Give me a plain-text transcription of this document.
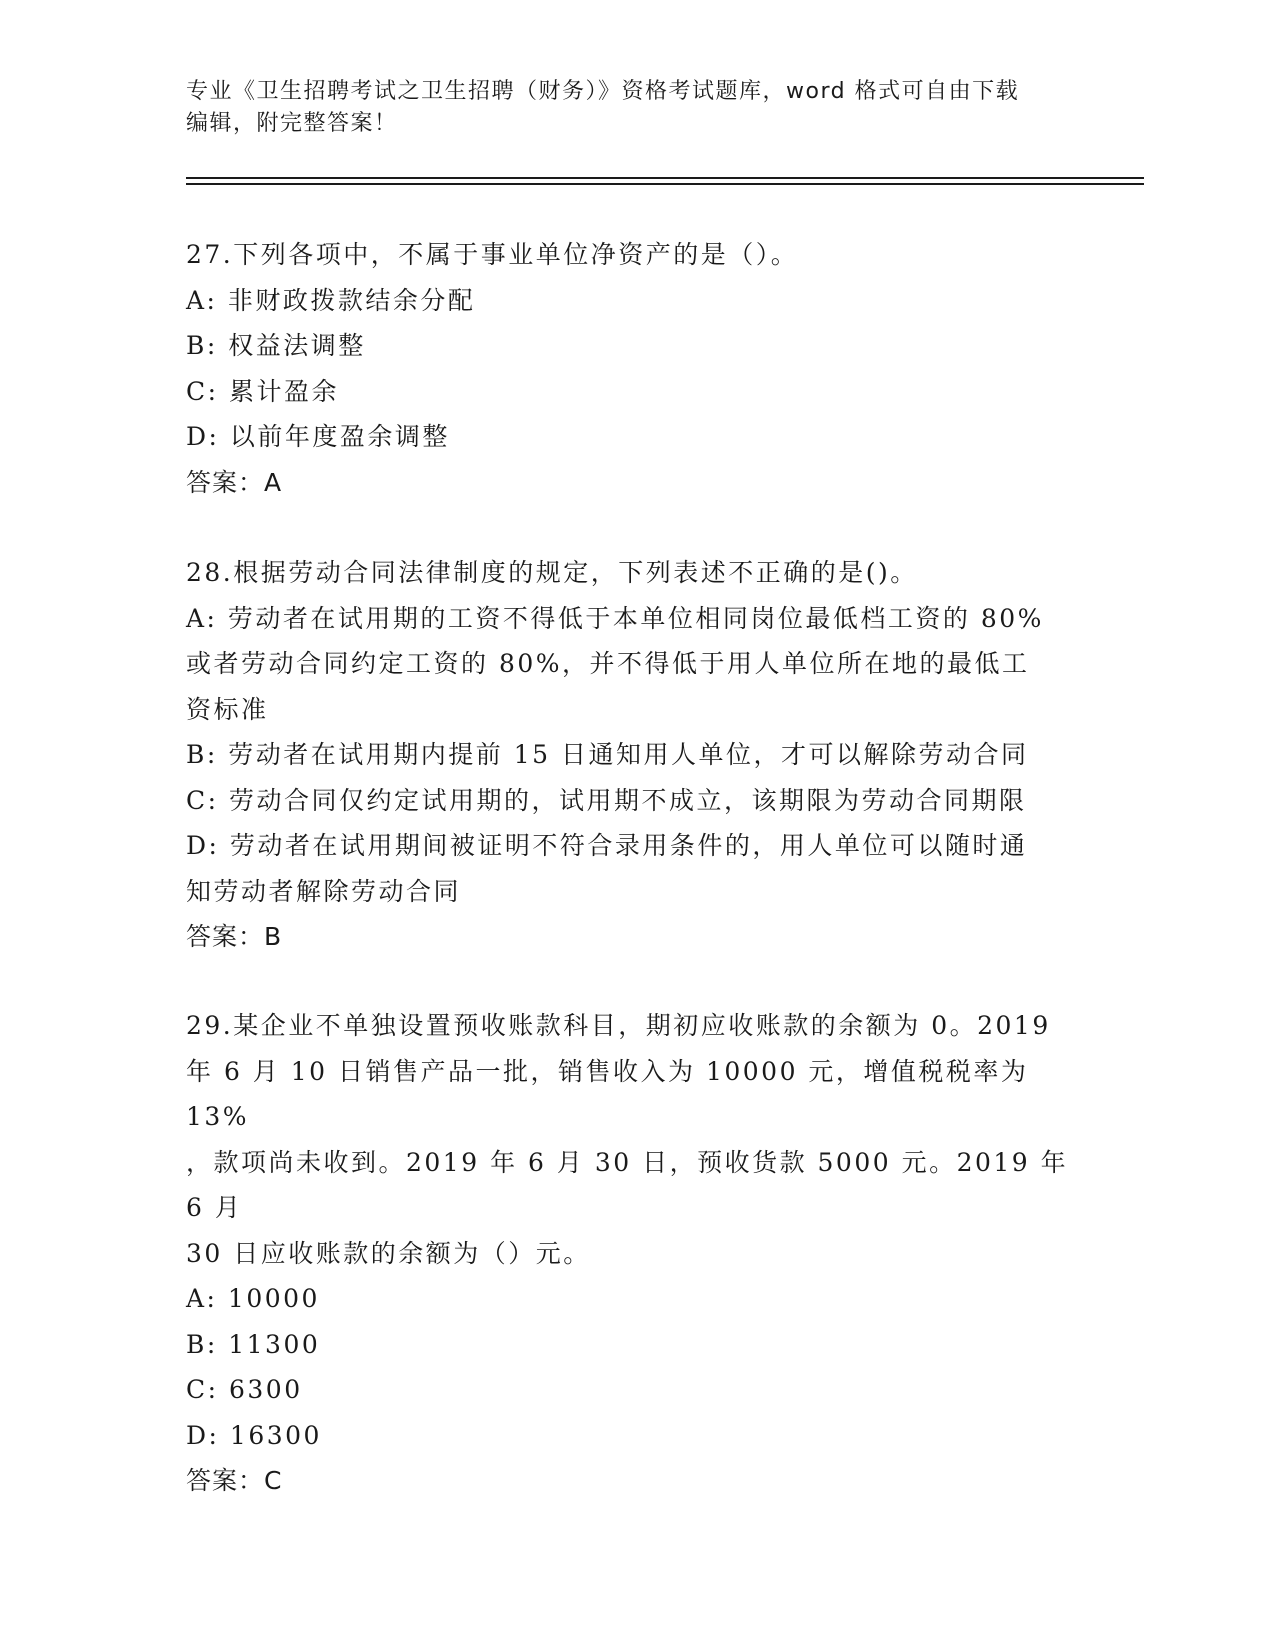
专业《卫生招聘考试之卫生招聘（财务）》资格考试题库，word 格式可自由下载
编辑，附完整答案！
27.下列各项中，不属于事业单位净资产的是（）。
A: 非财政拨款结余分配
B: 权益法调整
C: 累计盈余
D: 以前年度盈余调整
答案：A
28.根据劳动合同法律制度的规定，下列表述不正确的是()。
A: 劳动者在试用期的工资不得低于本单位相同岗位最低档工资的 80%
或者劳动合同约定工资的 80%，并不得低于用人单位所在地的最低工
资标准
B: 劳动者在试用期内提前 15 日通知用人单位，才可以解除劳动合同
C: 劳动合同仅约定试用期的，试用期不成立，该期限为劳动合同期限
D: 劳动者在试用期间被证明不符合录用条件的，用人单位可以随时通
知劳动者解除劳动合同
答案：B
29.某企业不单独设置预收账款科目，期初应收账款的余额为 0。2019
年 6 月 10 日销售产品一批，销售收入为 10000 元，增值税税率为 13%
，款项尚未收到。2019 年 6 月 30 日，预收货款 5000 元。2019 年 6 月
30 日应收账款的余额为（）元。
A: 10000
B: 11300
C: 6300
D: 16300
答案：C
